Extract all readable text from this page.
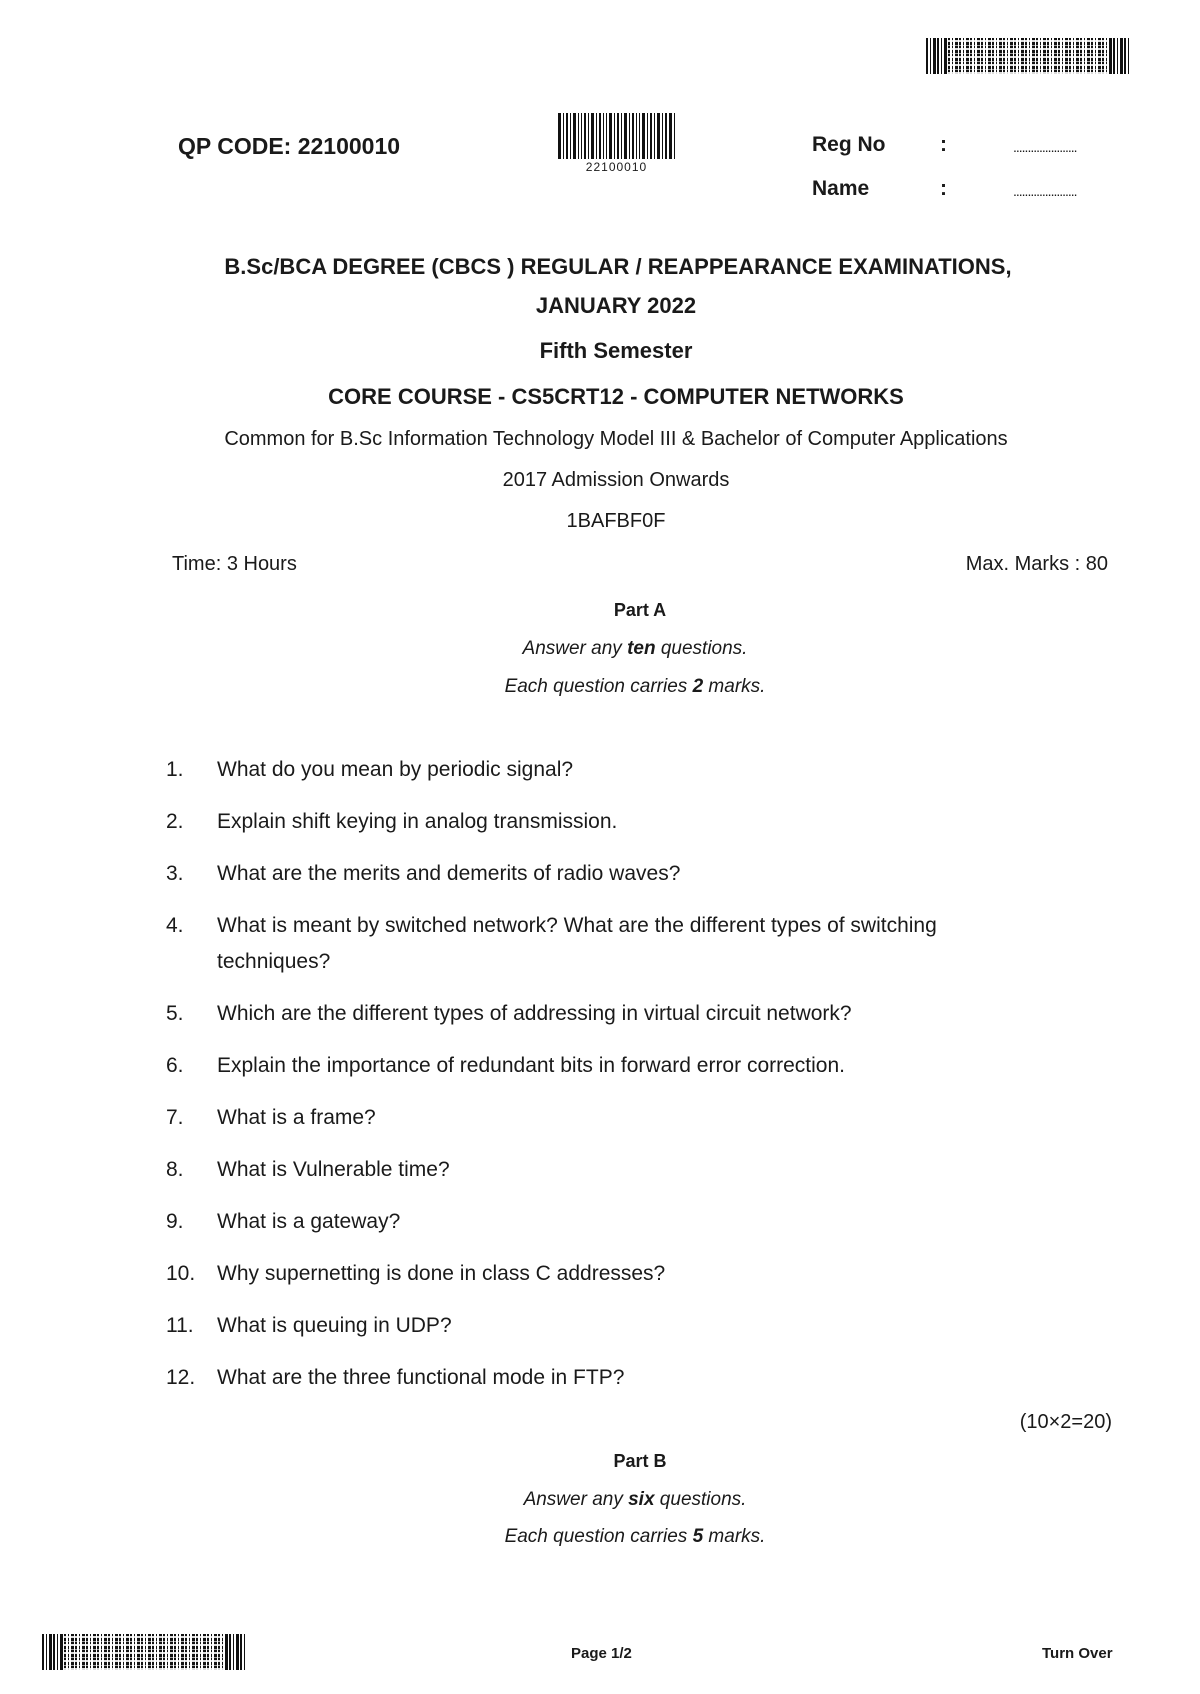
QP CODE: 22100010
22100010
Reg No	:	......................
Name	:	......................
B.Sc/BCA DEGREE (CBCS ) REGULAR / REAPPEARANCE EXAMINATIONS,
JANUARY 2022
Fifth Semester
CORE COURSE - CS5CRT12 - COMPUTER NETWORKS
Common for B.Sc Information Technology Model III & Bachelor of Computer Applications
2017 Admission Onwards
1BAFBF0F
Time: 3 Hours	Max. Marks : 80
Part A
Answer any ten questions.
Each question carries 2 marks.
1.	What do you mean by periodic signal?
2.	Explain shift keying in analog transmission.
3.	What are the merits and demerits of radio waves?
4.	What is meant by switched network? What are the different types of switching techniques?
5.	Which are the different types of addressing in virtual circuit network?
6.	Explain the importance of redundant bits in forward error correction.
7.	What is a frame?
8.	What is Vulnerable time?
9.	What is a gateway?
10.	Why supernetting is done in class C addresses?
11.	What is queuing in UDP?
12.	What are the three functional mode in FTP?
(10×2=20)
Part B
Answer any six questions.
Each question carries 5 marks.
Page 1/2	Turn Over
